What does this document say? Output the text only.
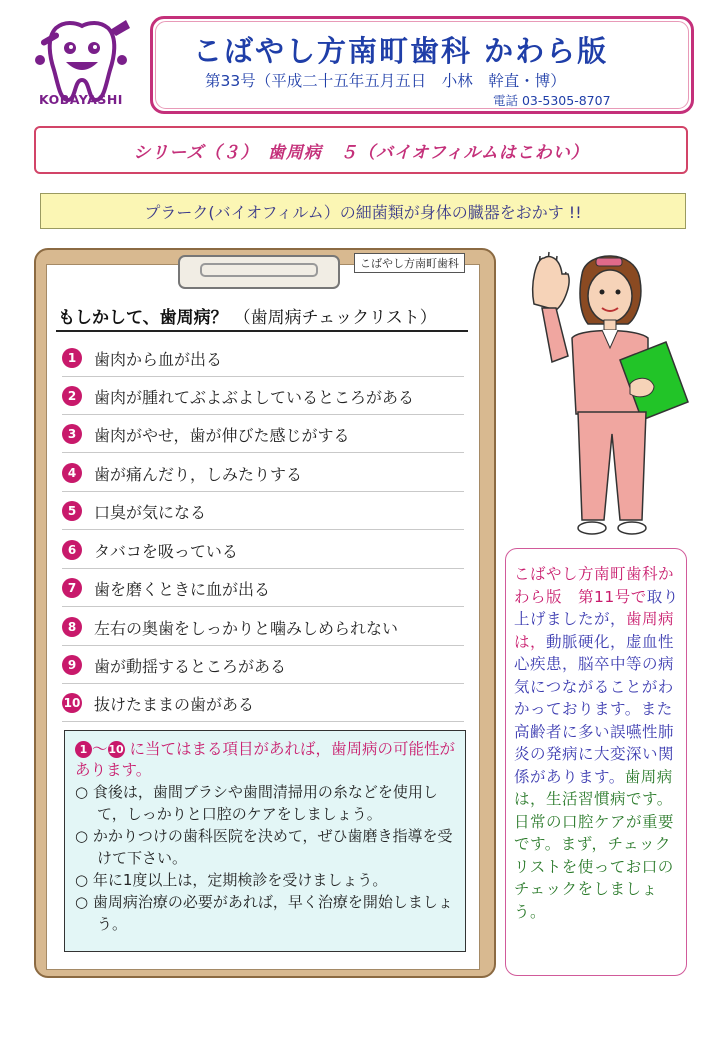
KOBAYASHI
こばやし方南町歯科 かわら版
第33号（平成二十五年五月五日　小林　幹直・博）
電話 03-5305-8707
シリーズ（３）　歯周病　５（バイオフィルムはこわい）
プラーク(バイオフィルム）の細菌類が身体の臓器をおかす !!
こばやし方南町歯科
もしかして、歯周病？ （歯周病チェックリスト）
1	歯肉から血が出る
2	歯肉が腫れてぶよぶよしているところがある
3	歯肉がやせ，歯が伸びた感じがする
4	歯が痛んだり，しみたりする
5	口臭が気になる
6	タバコを吸っている
7	歯を磨くときに血が出る
8	左右の奥歯をしっかりと噛みしめられない
9	歯が動揺するところがある
10 抜けたままの歯がある
1 ～10 に当てはまる項目があれば，歯周病の可能性があります。
○ 食後は，歯間ブラシや歯間清掃用の糸などを使用して，しっかりと口腔のケアをしましょう。
○ かかりつけの歯科医院を決めて，ぜひ歯磨き指導を受けて下さい。
○ 年に1度以上は，定期検診を受けましょう。
○ 歯周病治療の必要があれば，早く治療を開始しましょう。
こばやし方南町歯科かわら版　第11号で取り上げましたが，歯周病は，動脈硬化，虚血性心疾患，脳卒中等の病気につながることがわかっております。また高齢者に多い誤嚥性肺炎の発病に大変深い関係があります。歯周病は，生活習慣病です。日常の口腔ケアが重要です。まず，チェックリストを使ってお口のチェックをしましょう。
